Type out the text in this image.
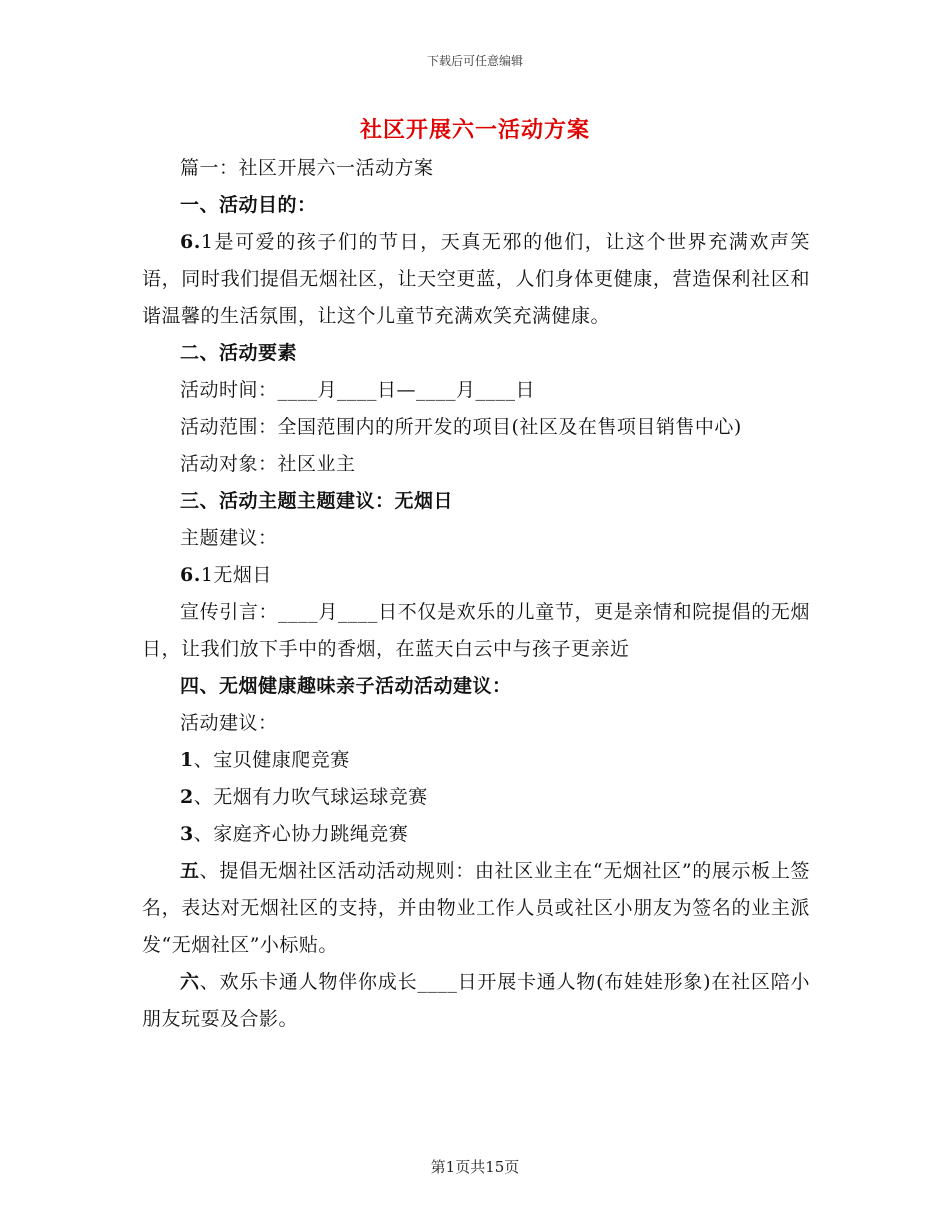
下载后可任意编辑
社区开展六一活动方案

篇一：社区开展六一活动方案

一、活动目的：

6.1是可爱的孩子们的节日，天真无邪的他们，让这个世界充满欢声笑语，同时我们提倡无烟社区，让天空更蓝，人们身体更健康，营造保利社区和谐温馨的生活氛围，让这个儿童节充满欢笑充满健康。

二、活动要素

活动时间：____月____日—____月____日

活动范围：全国范围内的所开发的项目(社区及在售项目销售中心)

活动对象：社区业主

三、活动主题主题建议：无烟日

主题建议：

6.1无烟日

宣传引言：____月____日不仅是欢乐的儿童节，更是亲情和院提倡的无烟日，让我们放下手中的香烟，在蓝天白云中与孩子更亲近

四、无烟健康趣味亲子活动活动建议：

活动建议：

1、宝贝健康爬竞赛

2、无烟有力吹气球运球竞赛

3、家庭齐心协力跳绳竞赛

五、提倡无烟社区活动活动规则：由社区业主在“无烟社区”的展示板上签名，表达对无烟社区的支持，并由物业工作人员或社区小朋友为签名的业主派发“无烟社区”小标贴。

六、欢乐卡通人物伴你成长____日开展卡通人物(布娃娃形象)在社区陪小朋友玩耍及合影。

第1页共15页
